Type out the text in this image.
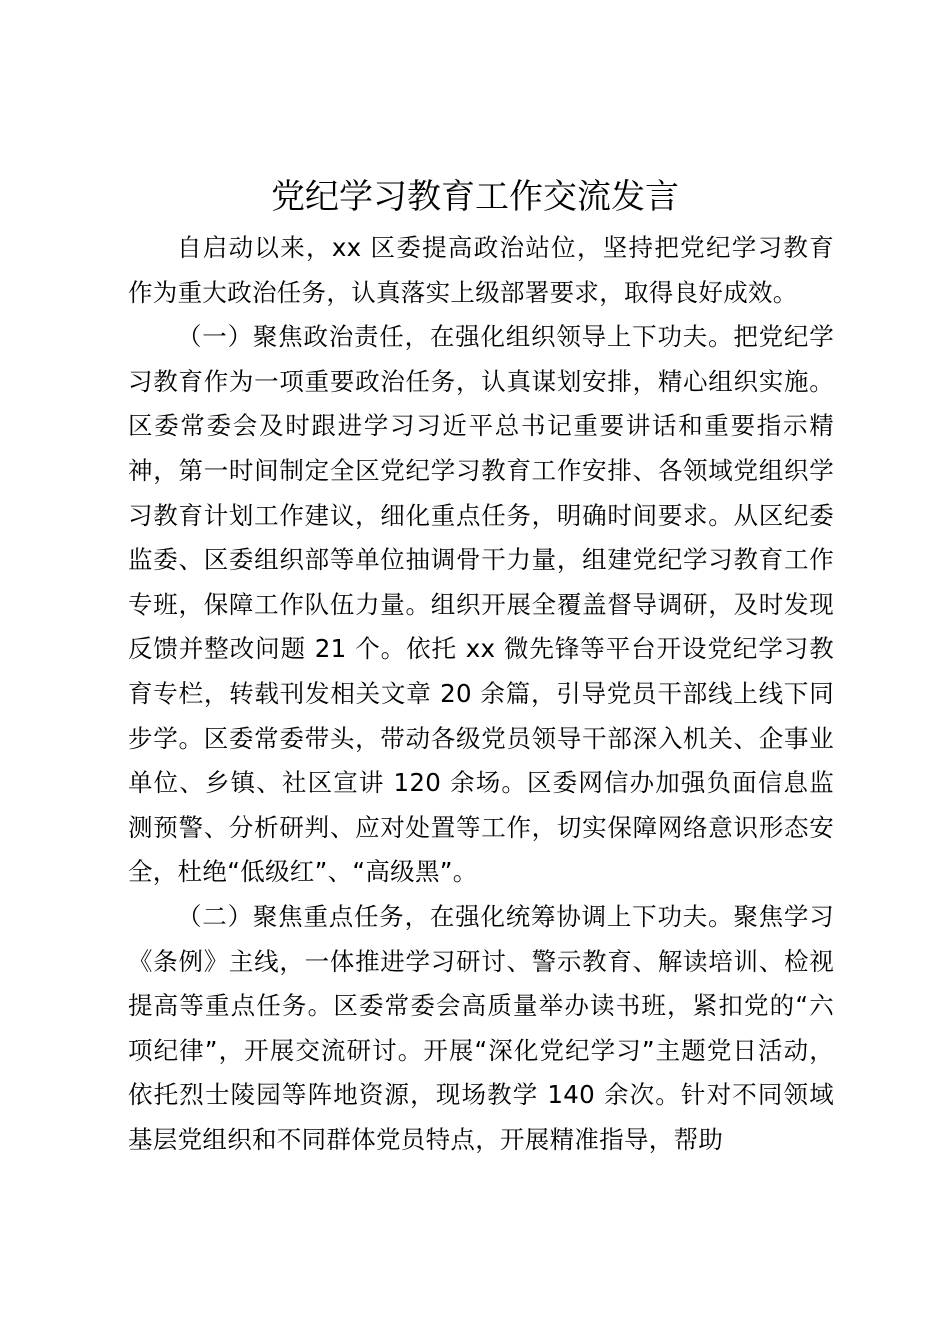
党纪学习教育工作交流发言

自启动以来，xx 区委提高政治站位，坚持把党纪学习教育作为重大政治任务，认真落实上级部署要求，取得良好成效。

（一）聚焦政治责任，在强化组织领导上下功夫。把党纪学习教育作为一项重要政治任务，认真谋划安排，精心组织实施。区委常委会及时跟进学习习近平总书记重要讲话和重要指示精神，第一时间制定全区党纪学习教育工作安排、各领域党组织学习教育计划工作建议，细化重点任务，明确时间要求。从区纪委监委、区委组织部等单位抽调骨干力量，组建党纪学习教育工作专班，保障工作队伍力量。组织开展全覆盖督导调研，及时发现反馈并整改问题 21 个。依托 xx 微先锋等平台开设党纪学习教育专栏，转载刊发相关文章 20 余篇，引导党员干部线上线下同步学。区委常委带头，带动各级党员领导干部深入机关、企事业单位、乡镇、社区宣讲 120 余场。区委网信办加强负面信息监测预警、分析研判、应对处置等工作，切实保障网络意识形态安全，杜绝“低级红”、“高级黑”。

（二）聚焦重点任务，在强化统筹协调上下功夫。聚焦学习《条例》主线，一体推进学习研讨、警示教育、解读培训、检视提高等重点任务。区委常委会高质量举办读书班，紧扣党的“六项纪律”，开展交流研讨。开展“深化党纪学习”主题党日活动，依托烈士陵园等阵地资源，现场教学 140 余次。针对不同领域基层党组织和不同群体党员特点，开展精准指导，帮助
